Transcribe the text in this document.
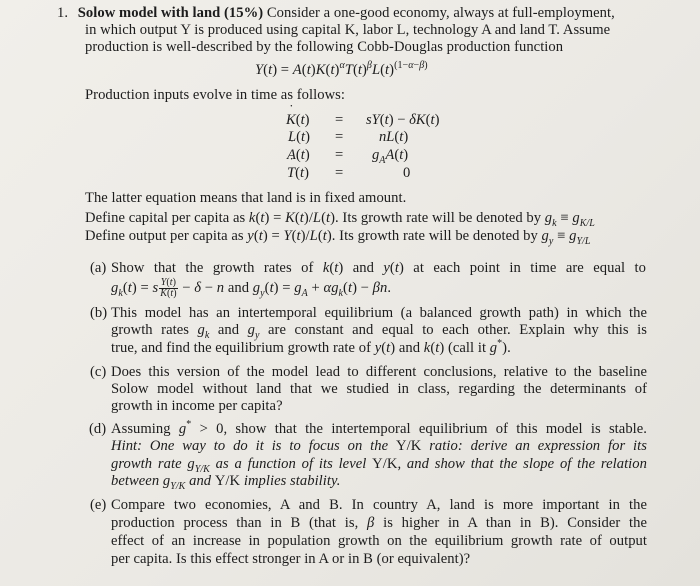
1. Solow model with land (15%) Consider a one-good economy, always at full-employment,
in which output Y is produced using capital K, labor L, technology A and land T. Assume
production is well-described by the following Cobb-Douglas production function
$Y(t) = A(t)K(t)^\alpha T(t)^\beta L(t)^{(1-\alpha-\beta)}$
Production inputs evolve in time as follows:
K ˙(t) = sY(t) − δK(t)
L ˙(t) = nL(t)
A ˙(t) = $g_AA(t)$
T ˙(t) =	0
The latter equation means that land is in fixed amount.
Define capital per capita as k(t) = K(t)/L(t). Its growth rate will be denoted by $g_k \equiv g_{K/L}$
Define output per capita as y(t) = Y(t)/L(t). Its growth rate will be denoted by $g_y \equiv g_{Y/L}$
(a) Show that the growth rates of k(t) and y(t) at each point in time are equal to
$g_k(t) = s \frac{Y(t)}{K(t)} - \delta - n$ and $g_y(t) = g_A + \alpha g_k(t) - \beta n$.
(b) This model has an intertemporal equilibrium (a balanced growth path) in which the
growth rates $g_k$ and $g_y$ are constant and equal to each other. Explain why this is
true, and find the equilibrium growth rate of y(t) and k(t) (call it g*).
(c) Does this version of the model lead to different conclusions, relative to the baseline
Solow model without land that we studied in class, regarding the determinants of
growth in income per capita?
(d) Assuming g* > 0, show that the intertemporal equilibrium of this model is stable.
Hint: One way to do it is to focus on the Y/K ratio: derive an expression for its
growth rate $g_{Y/K}$ as a function of its level Y/K, and show that the slope of the relation
between $g_{Y/K}$ and Y/K implies stability.
(e) Compare two economies, A and B. In country A, land is more important in the
production process than in B (that is, β is higher in A than in B). Consider the
effect of an increase in population growth on the equilibrium growth rate of output
per capita. Is this effect stronger in A or in B (or equivalent)?
